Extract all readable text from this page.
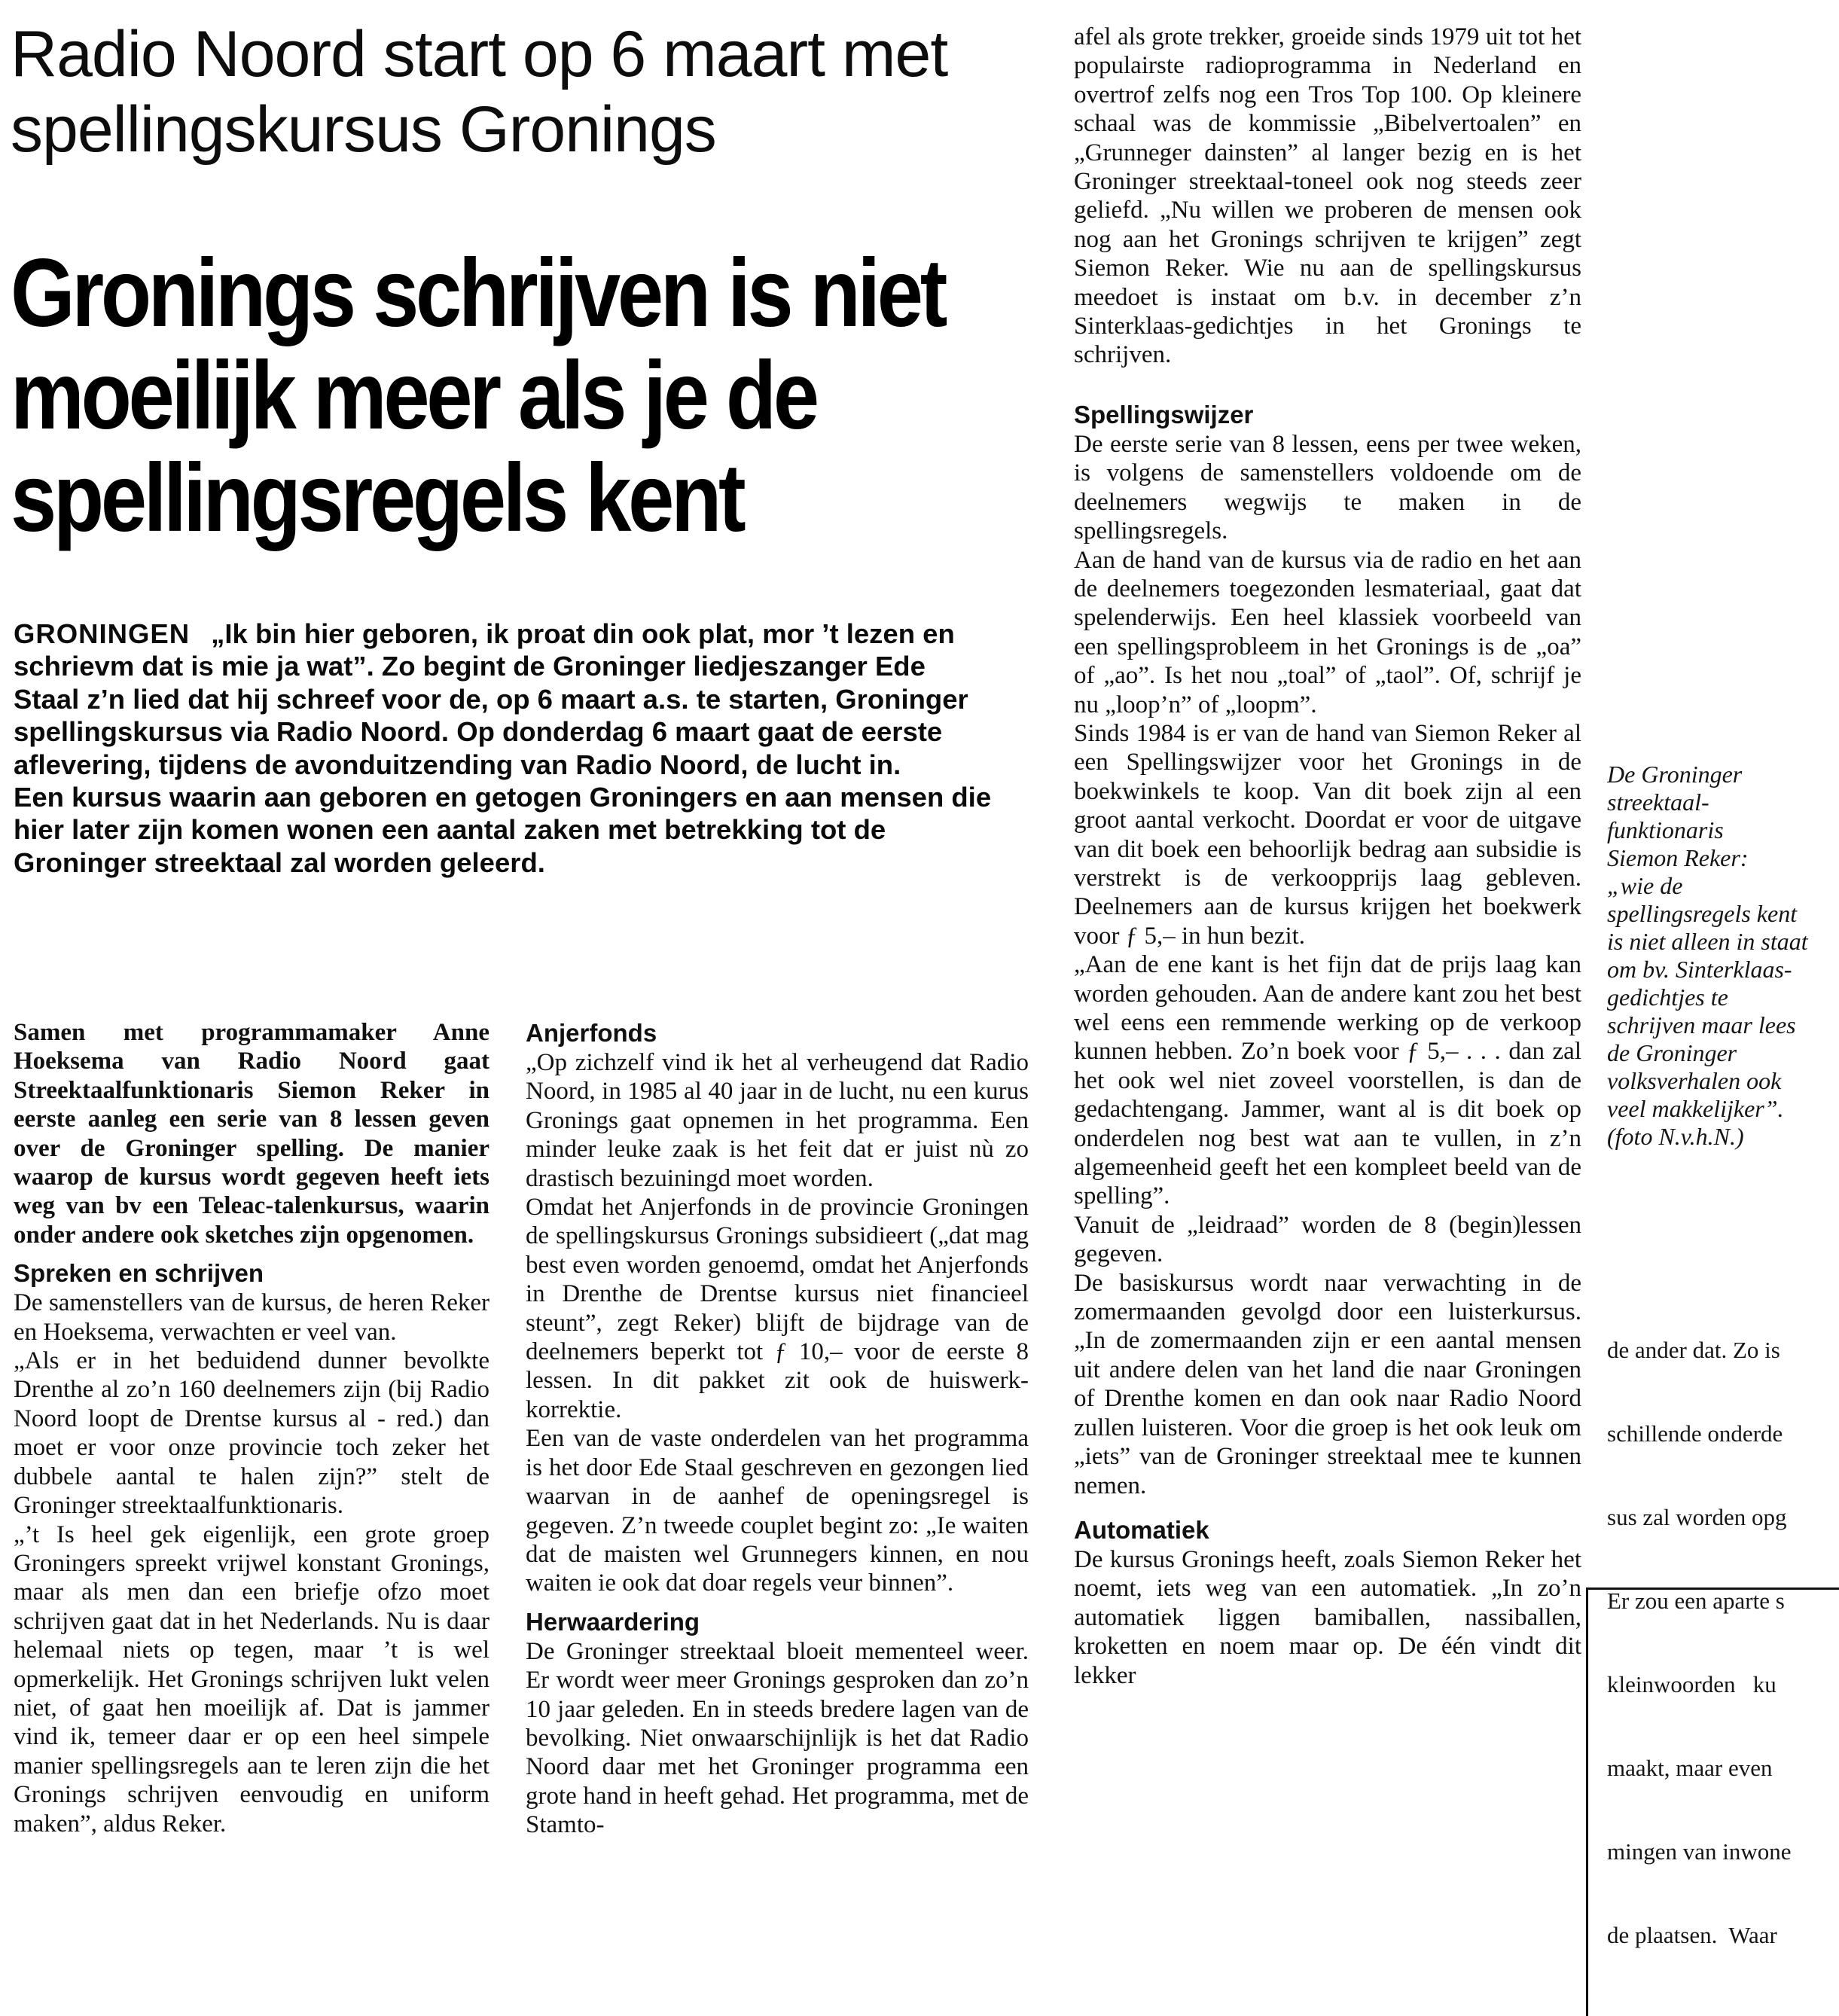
Radio Noord start op 6 maart met spellingskursus Gronings
Gronings schrijven is niet moeilijk meer als je de spellingsregels kent
GRONINGEN „Ik bin hier geboren, ik proat din ook plat, mor ’t lezen en schrievm dat is mie ja wat”. Zo begint de Groninger liedjeszanger Ede Staal z’n lied dat hij schreef voor de, op 6 maart a.s. te starten, Groninger spellingskursus via Radio Noord. Op donderdag 6 maart gaat de eerste aflevering, tijdens de avonduitzending van Radio Noord, de lucht in.
Een kursus waarin aan geboren en getogen Groningers en aan mensen die hier later zijn komen wonen een aantal zaken met betrekking tot de Groninger streektaal zal worden geleerd.

Samen met programmamaker Anne Hoeksema van Radio Noord gaat Streektaalfunktionaris Siemon Reker in eerste aanleg een serie van 8 lessen geven over de Groninger spelling. De manier waarop de kursus wordt gegeven heeft iets weg van bv een Teleac-talenkursus, waarin onder andere ook sketches zijn opgenomen.

Spreken en schrijven

De samenstellers van de kursus, de heren Reker en Hoeksema, verwachten er veel van.

„Als er in het beduidend dunner bevolkte Drenthe al zo’n 160 deelnemers zijn (bij Radio Noord loopt de Drentse kursus al - red.) dan moet er voor onze provincie toch zeker het dubbele aantal te halen zijn?” stelt de Groninger streektaalfunktionaris.

„’t Is heel gek eigenlijk, een grote groep Groningers spreekt vrijwel konstant Gronings, maar als men dan een briefje ofzo moet schrijven gaat dat in het Nederlands. Nu is daar helemaal niets op tegen, maar ’t is wel opmerkelijk. Het Gronings schrijven lukt velen niet, of gaat hen moeilijk af. Dat is jammer vind ik, temeer daar er op een heel simpele manier spellingsregels aan te leren zijn die het Gronings schrijven eenvoudig en uniform maken”, aldus Reker.

Anjerfonds

„Op zichzelf vind ik het al verheugend dat Radio Noord, in 1985 al 40 jaar in de lucht, nu een kurus Gronings gaat opnemen in het programma. Een minder leuke zaak is het feit dat er juist nù zo drastisch bezuiningd moet worden.

Omdat het Anjerfonds in de provincie Groningen de spellingskursus Gronings subsidieert („dat mag best even worden genoemd, omdat het Anjerfonds in Drenthe de Drentse kursus niet financieel steunt”, zegt Reker) blijft de bijdrage van de deelnemers beperkt tot ƒ 10,– voor de eerste 8 lessen. In dit pakket zit ook de huiswerk-korrektie.

Een van de vaste onderdelen van het programma is het door Ede Staal geschreven en gezongen lied waarvan in de aanhef de openingsregel is gegeven. Z’n tweede couplet begint zo: „Ie waiten dat de maisten wel Grunnegers kinnen, en nou waiten ie ook dat doar regels veur binnen”.

Herwaardering

De Groninger streektaal bloeit mementeel weer. Er wordt weer meer Gronings gesproken dan zo’n 10 jaar geleden. En in steeds bredere lagen van de bevolking. Niet onwaarschijnlijk is het dat Radio Noord daar met het Groninger programma een grote hand in heeft gehad. Het programma, met de Stamto-

afel als grote trekker, groeide sinds 1979 uit tot het populairste radioprogramma in Nederland en overtrof zelfs nog een Tros Top 100. Op kleinere schaal was de kommissie „Bibelvertoalen” en „Grunneger dainsten” al langer bezig en is het Groninger streektaal-toneel ook nog steeds zeer geliefd. „Nu willen we proberen de mensen ook nog aan het Gronings schrijven te krijgen” zegt Siemon Reker. Wie nu aan de spellingskursus meedoet is instaat om b.v. in december z’n Sinterklaas-gedichtjes in het Gronings te schrijven.

Spellingswijzer

De eerste serie van 8 lessen, eens per twee weken, is volgens de samenstellers voldoende om de deelnemers wegwijs te maken in de spellingsregels.

Aan de hand van de kursus via de radio en het aan de deelnemers toegezonden lesmateriaal, gaat dat spelenderwijs. Een heel klassiek voorbeeld van een spellingsprobleem in het Gronings is de „oa” of „ao”. Is het nou „toal” of „taol”. Of, schrijf je nu „loop’n” of „loopm”.

Sinds 1984 is er van de hand van Siemon Reker al een Spellingswijzer voor het Gronings in de boekwinkels te koop. Van dit boek zijn al een groot aantal verkocht. Doordat er voor de uitgave van dit boek een behoorlijk bedrag aan subsidie is verstrekt is de verkoopprijs laag gebleven. Deelnemers aan de kursus krijgen het boekwerk voor ƒ 5,– in hun bezit.

„Aan de ene kant is het fijn dat de prijs laag kan worden gehouden. Aan de andere kant zou het best wel eens een remmende werking op de verkoop kunnen hebben. Zo’n boek voor ƒ 5,– . . . dan zal het ook wel niet zoveel voorstellen, is dan de gedachtengang. Jammer, want al is dit boek op onderdelen nog best wat aan te vullen, in z’n algemeenheid geeft het een kompleet beeld van de spelling”.

Vanuit de „leidraad” worden de 8 (begin)lessen gegeven.

De basiskursus wordt naar verwachting in de zomermaanden gevolgd door een luisterkursus. „In de zomermaanden zijn er een aantal mensen uit andere delen van het land die naar Groningen of Drenthe komen en dan ook naar Radio Noord zullen luisteren. Voor die groep is het ook leuk om „iets” van de Groninger streektaal mee te kunnen nemen.

Automatiek

De kursus Gronings heeft, zoals Siemon Reker het noemt, iets weg van een automatiek. „In zo’n automatiek liggen bamiballen, nassiballen, kroketten en noem maar op. De één vindt dit lekker

De Groninger
streektaal-
funktionaris
Siemon Reker:
„wie de
spellingsregels kent
is niet alleen in staat
om bv. Sinterklaas-
gedichtjes te
schrijven maar lees
de Groninger
volksverhalen ook
veel makkelijker”.
(foto N.v.h.N.)

de ander dat. Zo is

schillende onderde

sus zal worden opg

Er zou een aparte s

kleinwoorden   ku

maakt, maar even

mingen van inwone

de plaatsen.  Waar
